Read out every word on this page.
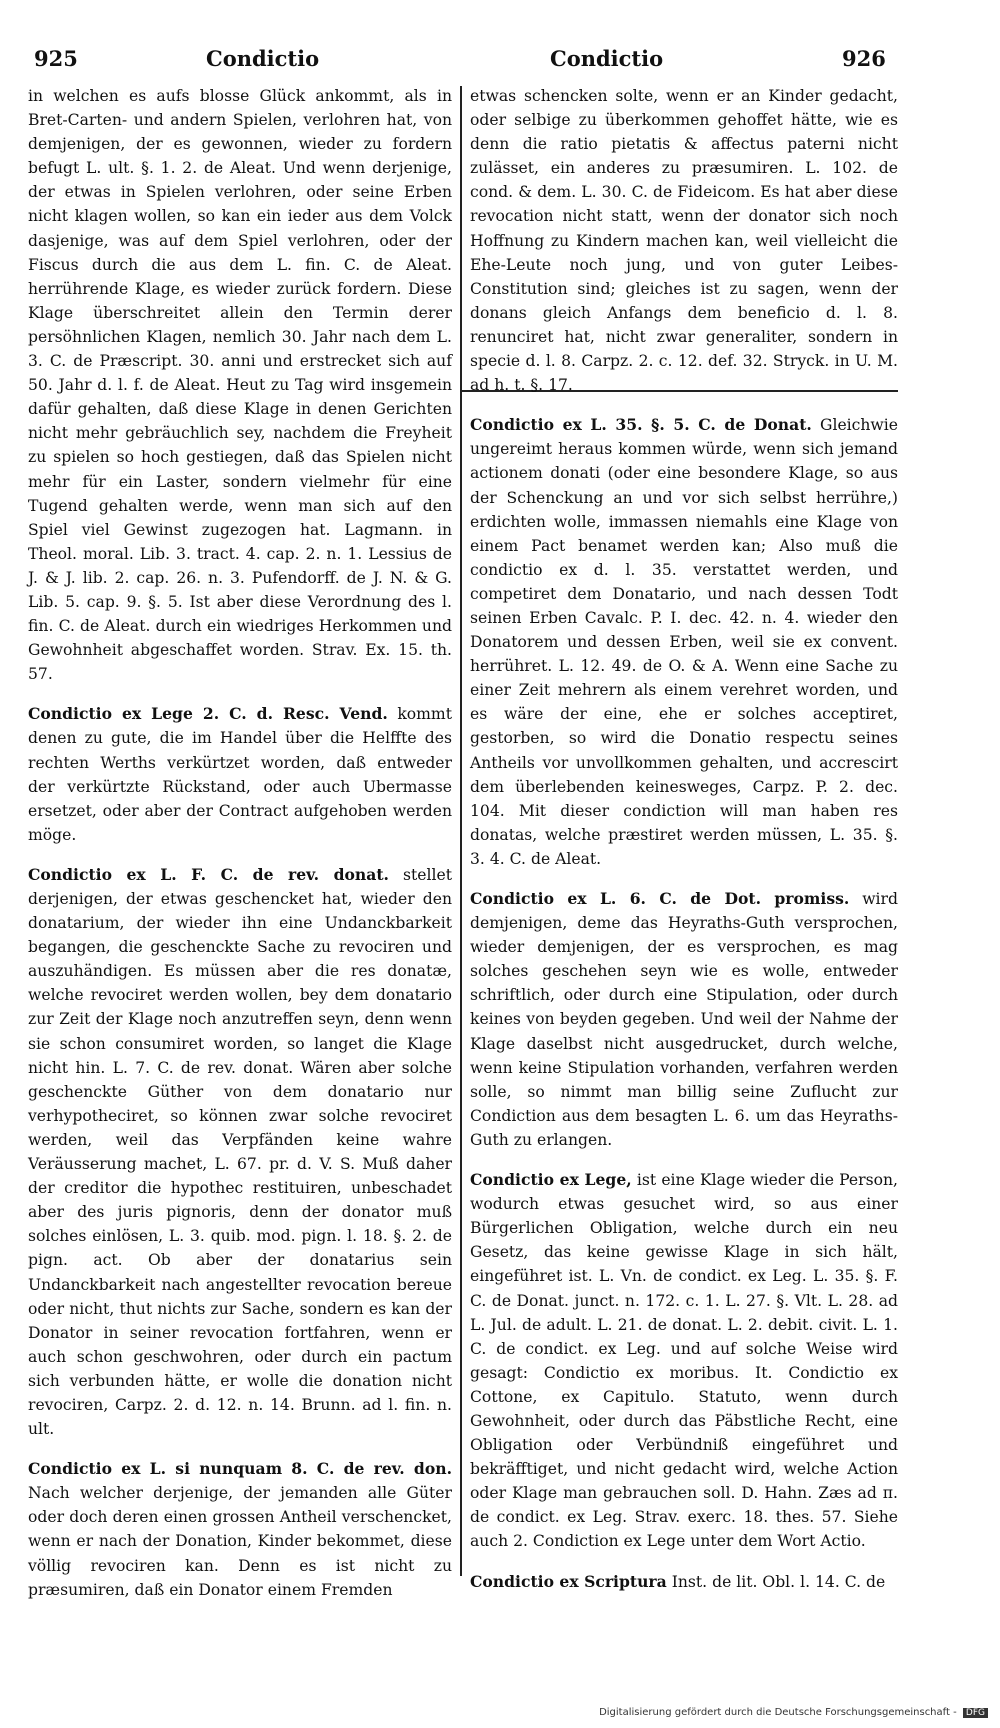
925	Condictio	Condictio	926

in welchen es aufs blosse Glück ankommt, als in Bret-Carten- und andern Spielen, verlohren hat, von demjenigen, der es gewonnen, wieder zu fordern befugt L. ult. §. 1. 2. de Aleat. Und wenn derjenige, der etwas in Spielen verlohren, oder seine Erben nicht klagen wollen, so kan ein ieder aus dem Volck dasjenige, was auf dem Spiel verlohren, oder der Fiscus durch die aus dem L. fin. C. de Aleat. herrührende Klage, es wieder zurück fordern. Diese Klage überschreitet allein den Termin derer persöhnlichen Klagen, nemlich 30. Jahr nach dem L. 3. C. de Præscript. 30. anni und erstrecket sich auf 50. Jahr d. l. f. de Aleat. Heut zu Tag wird insgemein dafür gehalten, daß diese Klage in denen Gerichten nicht mehr gebräuchlich sey, nachdem die Freyheit zu spielen so hoch gestiegen, daß das Spielen nicht mehr für ein Laster, sondern vielmehr für eine Tugend gehalten werde, wenn man sich auf den Spiel viel Gewinst zugezogen hat. Lagmann. in Theol. moral. Lib. 3. tract. 4. cap. 2. n. 1. Lessius de J. & J. lib. 2. cap. 26. n. 3. Pufendorff. de J. N. & G. Lib. 5. cap. 9. §. 5. Ist aber diese Verordnung des l. fin. C. de Aleat. durch ein wiedriges Herkommen und Gewohnheit abgeschaffet worden. Strav. Ex. 15. th. 57.

Condictio ex Lege 2. C. d. Resc. Vend. kommt denen zu gute, die im Handel über die Helffte des rechten Werths verkürtzet worden, daß entweder der verkürtzte Rückstand, oder auch Ubermasse ersetzet, oder aber der Contract aufgehoben werden möge.

Condictio ex L. F. C. de rev. donat. stellet derjenigen, der etwas geschencket hat, wieder den donatarium, der wieder ihn eine Undanckbarkeit begangen, die geschenckte Sache zu revociren und auszuhändigen. Es müssen aber die res donatæ, welche revociret werden wollen, bey dem donatario zur Zeit der Klage noch anzutreffen seyn, denn wenn sie schon consumiret worden, so langet die Klage nicht hin. L. 7. C. de rev. donat. Wären aber solche geschenckte Güther von dem donatario nur verhypotheciret, so können zwar solche revociret werden, weil das Verpfänden keine wahre Veräusserung machet, L. 67. pr. d. V. S. Muß daher der creditor die hypothec restituiren, unbeschadet aber des juris pignoris, denn der donator muß solches einlösen, L. 3. quib. mod. pign. l. 18. §. 2. de pign. act. Ob aber der donatarius sein Undanckbarkeit nach angestellter revocation bereue oder nicht, thut nichts zur Sache, sondern es kan der Donator in seiner revocation fortfahren, wenn er auch schon geschwohren, oder durch ein pactum sich verbunden hätte, er wolle die donation nicht revociren, Carpz. 2. d. 12. n. 14. Brunn. ad l. fin. n. ult.

Condictio ex L. si nunquam 8. C. de rev. don. Nach welcher derjenige, der jemanden alle Güter oder doch deren einen grossen Antheil verschencket, wenn er nach der Donation, Kinder bekommet, diese völlig revociren kan. Denn es ist nicht zu præsumiren, daß ein Donator einem Fremden

etwas schencken solte, wenn er an Kinder gedacht, oder selbige zu überkommen gehoffet hätte, wie es denn die ratio pietatis & affectus paterni nicht zulässet, ein anderes zu præsumiren. L. 102. de cond. & dem. L. 30. C. de Fideicom. Es hat aber diese revocation nicht statt, wenn der donator sich noch Hoffnung zu Kindern machen kan, weil vielleicht die Ehe-Leute noch jung, und von guter Leibes-Constitution sind; gleiches ist zu sagen, wenn der donans gleich Anfangs dem beneficio d. l. 8. renunciret hat, nicht zwar generaliter, sondern in specie d. l. 8. Carpz. 2. c. 12. def. 32. Stryck. in U. M. ad h. t. §. 17.

Condictio ex L. 35. §. 5. C. de Donat. Gleichwie ungereimt heraus kommen würde, wenn sich jemand actionem donati (oder eine besondere Klage, so aus der Schenckung an und vor sich selbst herrühre,) erdichten wolle, immassen niemahls eine Klage von einem Pact benamet werden kan; Also muß die condictio ex d. l. 35. verstattet werden, und competiret dem Donatario, und nach dessen Todt seinen Erben Cavalc. P. I. dec. 42. n. 4. wieder den Donatorem und dessen Erben, weil sie ex convent. herrühret. L. 12. 49. de O. & A. Wenn eine Sache zu einer Zeit mehrern als einem verehret worden, und es wäre der eine, ehe er solches acceptiret, gestorben, so wird die Donatio respectu seines Antheils vor unvollkommen gehalten, und accrescirt dem überlebenden keinesweges, Carpz. P. 2. dec. 104. Mit dieser condiction will man haben res donatas, welche præstiret werden müssen, L. 35. §. 3. 4. C. de Aleat.

Condictio ex L. 6. C. de Dot. promiss. wird demjenigen, deme das Heyraths-Guth versprochen, wieder demjenigen, der es versprochen, es mag solches geschehen seyn wie es wolle, entweder schriftlich, oder durch eine Stipulation, oder durch keines von beyden gegeben. Und weil der Nahme der Klage daselbst nicht ausgedrucket, durch welche, wenn keine Stipulation vorhanden, verfahren werden solle, so nimmt man billig seine Zuflucht zur Condiction aus dem besagten L. 6. um das Heyraths-Guth zu erlangen.

Condictio ex Lege, ist eine Klage wieder die Person, wodurch etwas gesuchet wird, so aus einer Bürgerlichen Obligation, welche durch ein neu Gesetz, das keine gewisse Klage in sich hält, eingeführet ist. L. Vn. de condict. ex Leg. L. 35. §. F. C. de Donat. junct. n. 172. c. 1. L. 27. §. Vlt. L. 28. ad L. Jul. de adult. L. 21. de donat. L. 2. debit. civit. L. 1. C. de condict. ex Leg. und auf solche Weise wird gesagt: Condictio ex moribus. It. Condictio ex Cottone, ex Capitulo. Statuto, wenn durch Gewohnheit, oder durch das Päbstliche Recht, eine Obligation oder Verbündniß eingeführet und bekräfftiget, und nicht gedacht wird, welche Action oder Klage man gebrauchen soll. D. Hahn. Zæs ad π. de condict. ex Leg. Strav. exerc. 18. thes. 57. Siehe auch 2. Condiction ex Lege unter dem Wort Actio.

Condictio ex Scriptura Inst. de lit. Obl. l. 14. C. de

Digitalisierung gefördert durch die Deutsche Forschungsgemeinschaft - DFG
